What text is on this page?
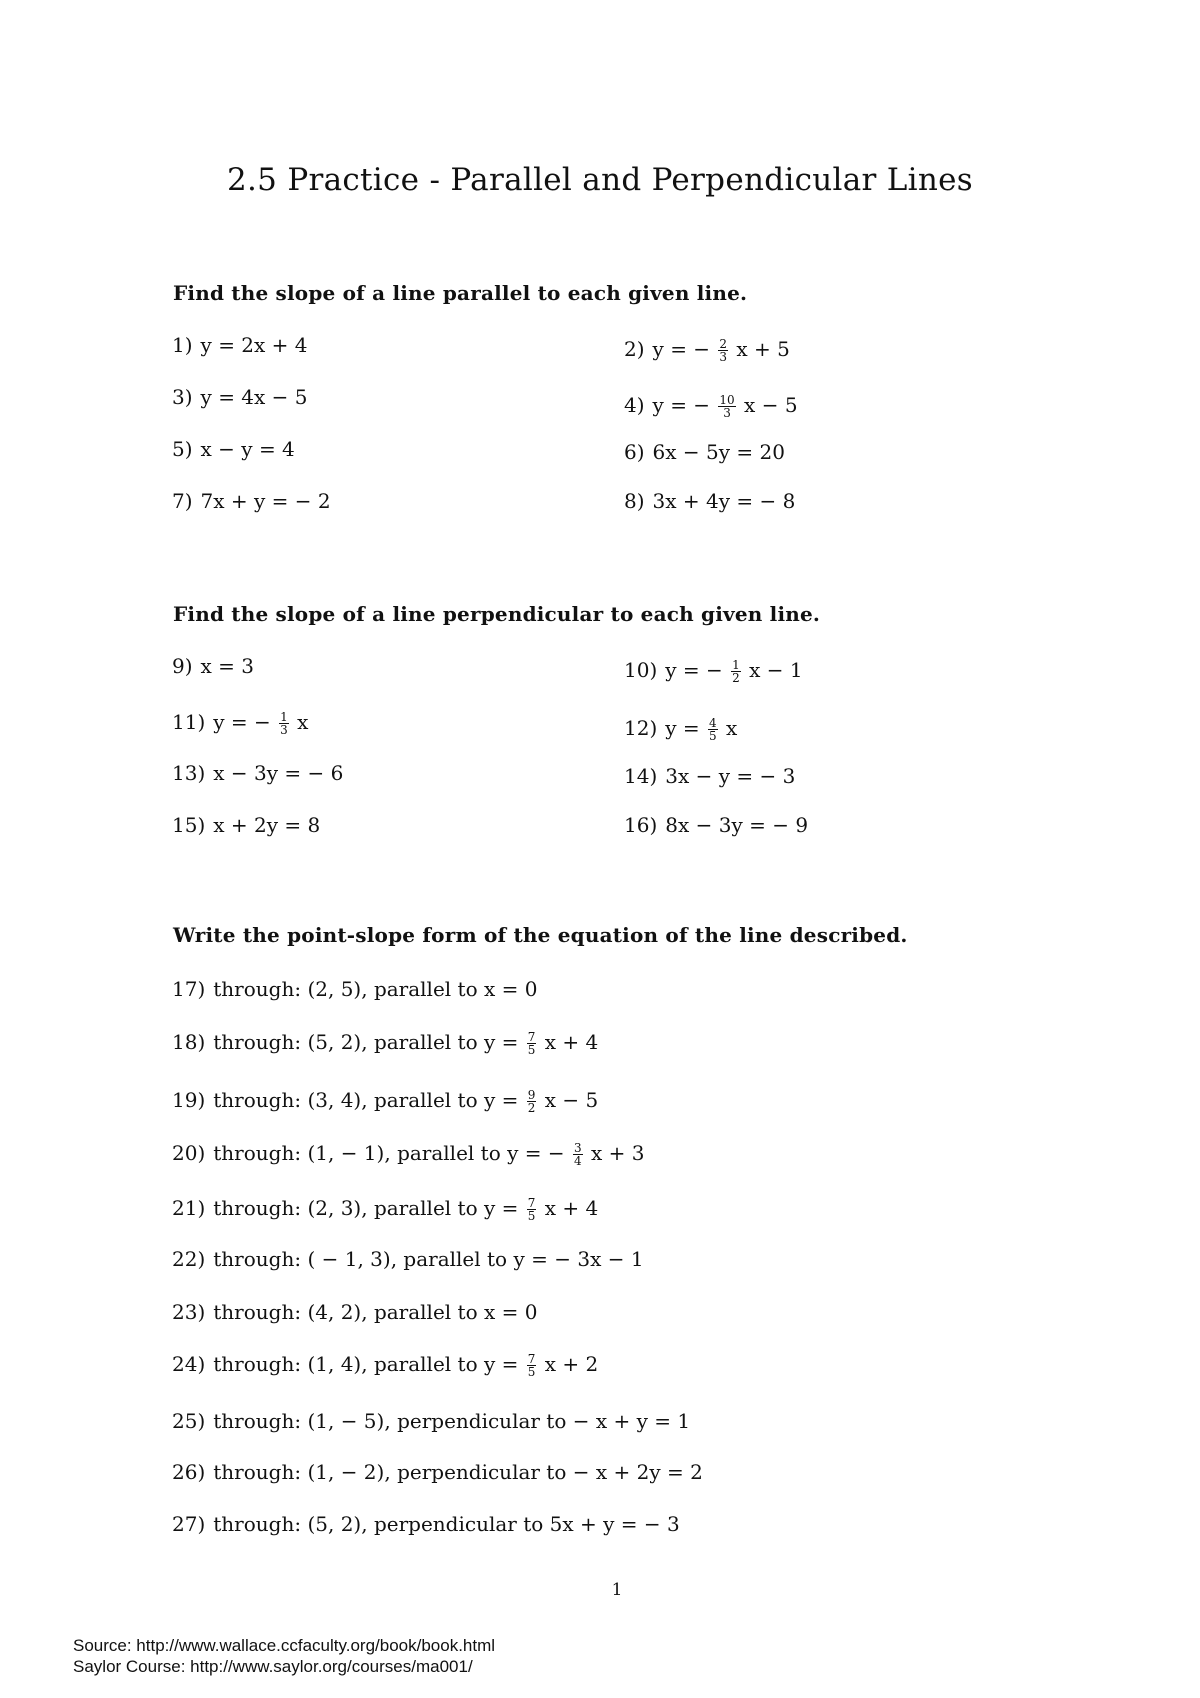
2.5 Practice - Parallel and Perpendicular Lines
Find the slope of a line parallel to each given line.
1) y = 2x + 4	2) y = − $\frac{2}{3}$ x + 5
3) y = 4x − 5	4) y = − $\frac{10}{3}$ x − 5
5) x − y = 4	6) 6x − 5y = 20
7) 7x + y = − 2	8) 3x + 4y = − 8
Find the slope of a line perpendicular to each given line.
9) x = 3	10) y = − $\frac{1}{2}$ x − 1
11) y = − $\frac{1}{3}$ x	12) $y = \frac{4}{5}$ x
13) x − 3y = − 6	14) 3x − y = − 3
15) x + 2y = 8	16) 8x − 3y = − 9
Write the point-slope form of the equation of the line described.
17) through: (2, 5), parallel to x = 0
18) through: (5, 2), parallel to $y = \frac{7}{5}$ x + 4
19) through: (3, 4), parallel to $y = \frac{9}{2}$ x − 5
20) through: (1, − 1), parallel to y = − $\frac{3}{4}$ x + 3
21) through: (2, 3), parallel to $y = \frac{7}{5}$ x + 4
22) through: ( − 1, 3), parallel to y = − 3x − 1
23) through: (4, 2), parallel to x = 0
24) through: (1, 4), parallel to $y = \frac{7}{5}$ x + 2
25) through: (1, − 5), perpendicular to − x + y = 1
26) through: (1, − 2), perpendicular to − x + 2y = 2
27) through: (5, 2), perpendicular to 5x + y = − 3
1
Source: http://www.wallace.ccfaculty.org/book/book.html
Saylor Course: http://www.saylor.org/courses/ma001/
